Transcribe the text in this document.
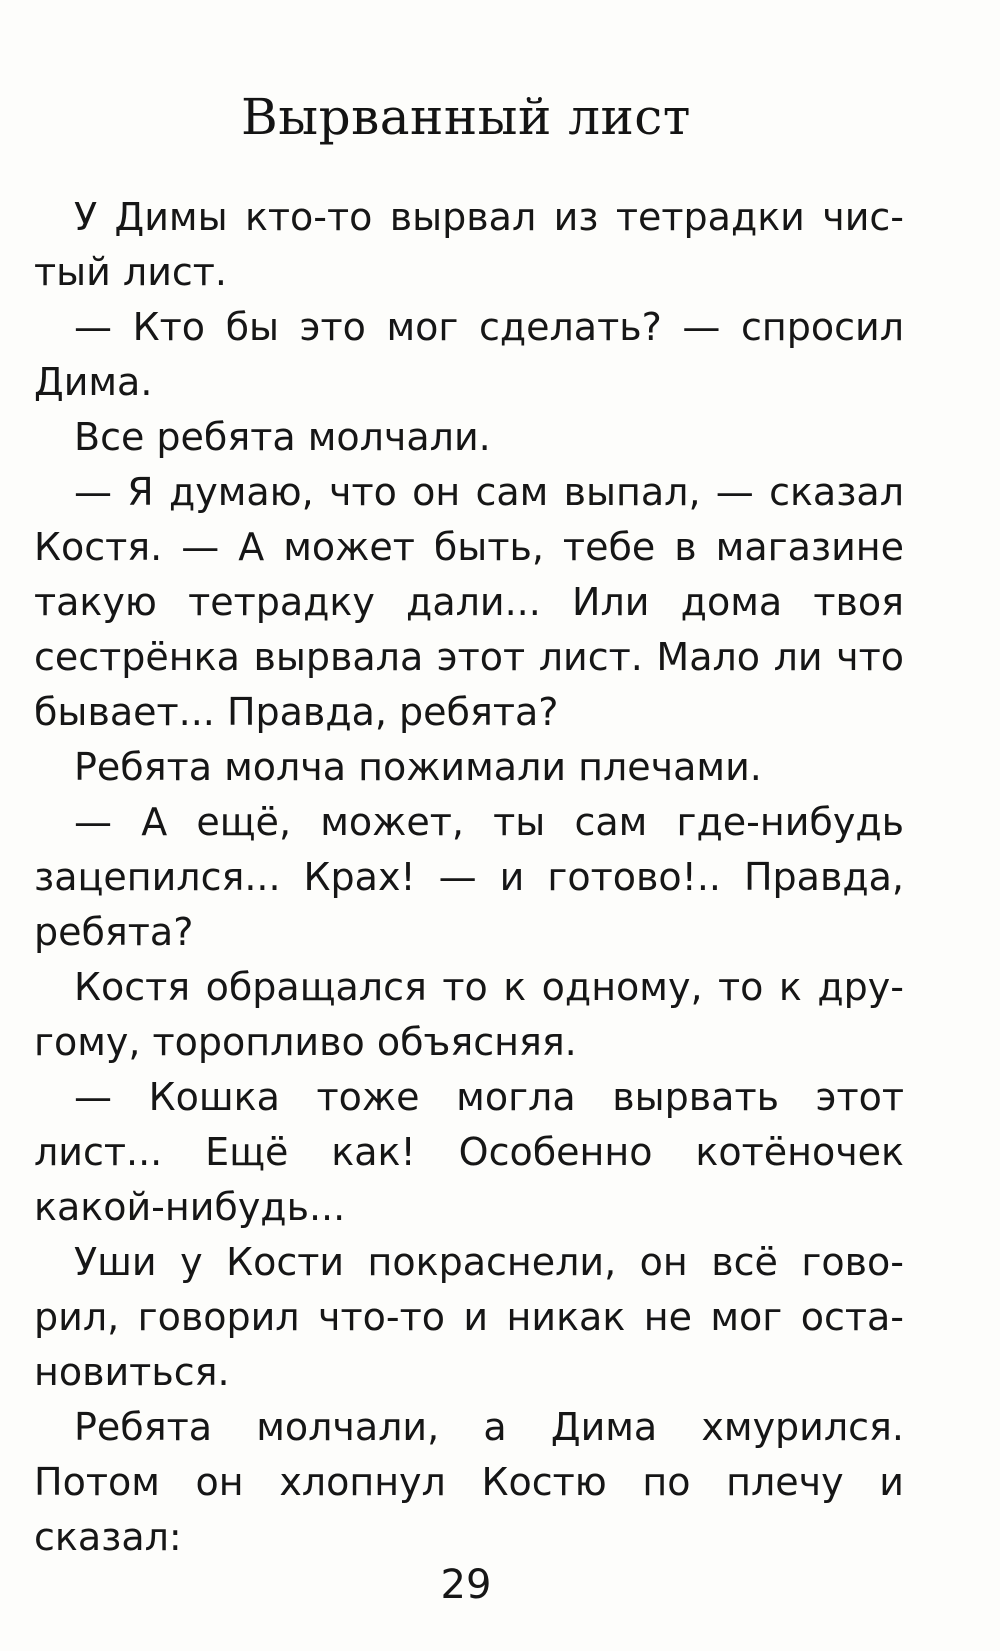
Вырванный лист

У Димы кто-то вырвал из тетрадки чистый лист.

— Кто бы это мог сделать? — спросил Дима.

Все ребята молчали.

— Я думаю, что он сам выпал, — сказал Костя. — А может быть, тебе в магазине такую тетрадку дали... Или дома твоя сестрёнка вырвала этот лист. Мало ли что бывает... Правда, ребята?

Ребята молча пожимали плечами.

— А ещё, может, ты сам где-нибудь зацепился... Крах! — и готово!.. Правда, ребята?

Костя обращался то к одному, то к другому, торопливо объясняя.

— Кошка тоже могла вырвать этот лист... Ещё как! Особенно котёночек какой-нибудь...

Уши у Кости покраснели, он всё говорил, говорил что-то и никак не мог остановиться.

Ребята молчали, а Дима хмурился. Потом он хлопнул Костю по плечу и сказал:

29
